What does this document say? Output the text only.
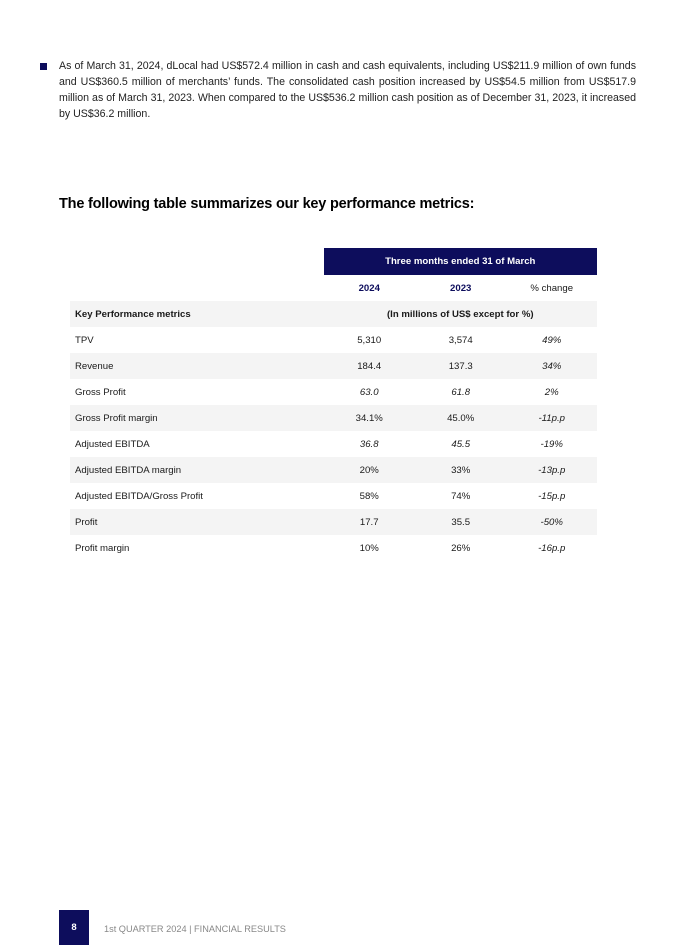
As of March 31, 2024, dLocal had US$572.4 million in cash and cash equivalents, including US$211.9 million of own funds and US$360.5 million of merchants’ funds. The consolidated cash position increased by US$54.5 million from US$517.9 million as of March 31, 2023. When compared to the US$536.2 million cash position as of December 31, 2023, it increased by US$36.2 million.

The following table summarizes our key performance metrics:
	Three months ended 31 of March		
	2024	2023	% change
Key Performance metrics	(In millions of US$ except for %)		
TPV	5,310	3,574	49%
Revenue	184.4	137.3	34%
Gross Profit	63.0	61.8	2%
Gross Profit margin	34.1%	45.0%	-11p.p
Adjusted EBITDA	36.8	45.5	-19%
Adjusted EBITDA margin	20%	33%	-13p.p
Adjusted EBITDA/Gross Profit	58%	74%	-15p.p
Profit	17.7	35.5	-50%
Profit margin	10%	26%	-16p.p
8	1st QUARTER 2024 | FINANCIAL RESULTS
